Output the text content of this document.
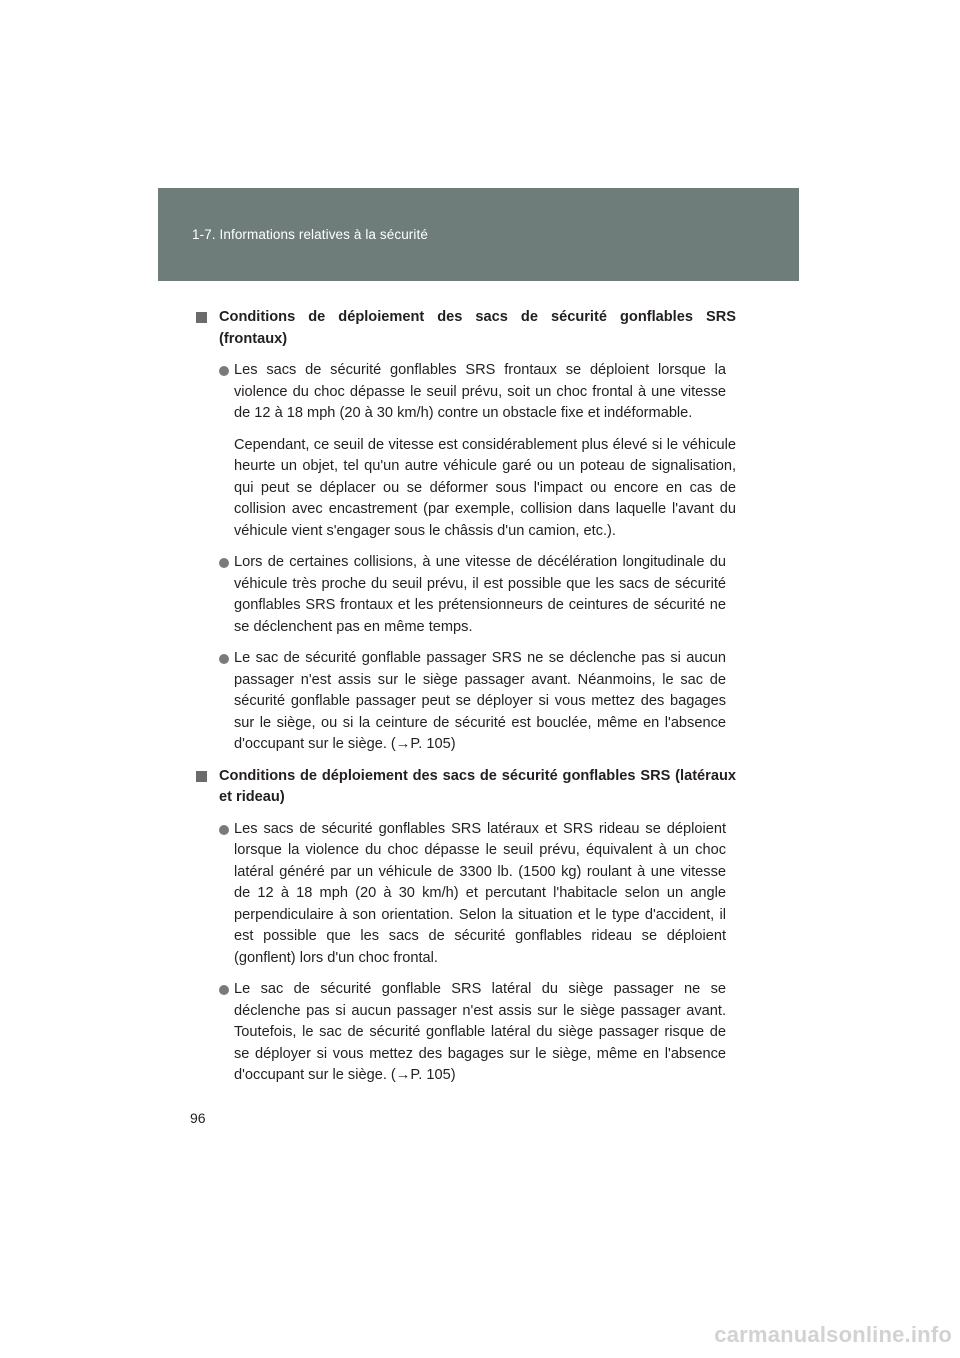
1-7. Informations relatives à la sécurité
Conditions de déploiement des sacs de sécurité gonflables SRS (frontaux)
Les sacs de sécurité gonflables SRS frontaux se déploient lorsque la violence du choc dépasse le seuil prévu, soit un choc frontal à une vitesse de 12 à 18 mph (20 à 30 km/h) contre un obstacle fixe et indéformable.
Cependant, ce seuil de vitesse est considérablement plus élevé si le véhicule heurte un objet, tel qu'un autre véhicule garé ou un poteau de signalisation, qui peut se déplacer ou se déformer sous l'impact ou encore en cas de collision avec encastrement (par exemple, collision dans laquelle l'avant du véhicule vient s'engager sous le châssis d'un camion, etc.).
Lors de certaines collisions, à une vitesse de décélération longitudinale du véhicule très proche du seuil prévu, il est possible que les sacs de sécurité gonflables SRS frontaux et les prétensionneurs de ceintures de sécurité ne se déclenchent pas en même temps.
Le sac de sécurité gonflable passager SRS ne se déclenche pas si aucun passager n'est assis sur le siège passager avant. Néanmoins, le sac de sécurité gonflable passager peut se déployer si vous mettez des bagages sur le siège, ou si la ceinture de sécurité est bouclée, même en l'absence d'occupant sur le siège. (→P. 105)
Conditions de déploiement des sacs de sécurité gonflables SRS (latéraux et rideau)
Les sacs de sécurité gonflables SRS latéraux et SRS rideau se déploient lorsque la violence du choc dépasse le seuil prévu, équivalent à un choc latéral généré par un véhicule de 3300 lb. (1500 kg) roulant à une vitesse de 12 à 18 mph (20 à 30 km/h) et percutant l'habitacle selon un angle perpendiculaire à son orientation. Selon la situation et le type d'accident, il est possible que les sacs de sécurité gonflables rideau se déploient (gonflent) lors d'un choc frontal.
Le sac de sécurité gonflable SRS latéral du siège passager ne se déclenche pas si aucun passager n'est assis sur le siège passager avant. Toutefois, le sac de sécurité gonflable latéral du siège passager risque de se déployer si vous mettez des bagages sur le siège, même en l'absence d'occupant sur le siège. (→P. 105)
96
carmanualsonline.info
